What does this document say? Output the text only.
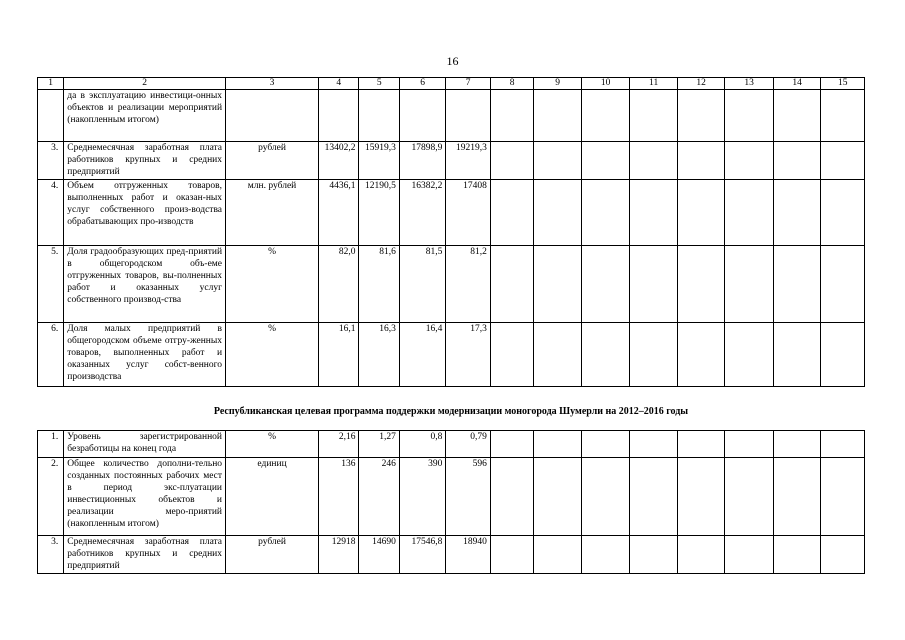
16
1	2	3	4	5	6	7	8	9	10	11	12	13	14	15
	да в эксплуатацию инвестици-онных объектов и реализации мероприятий (накопленным итогом)													
3.	Среднемесячная заработная плата работников крупных и средних предприятий	рублей	13402,2	15919,3	17898,9	19219,3								
4.	Объем отгруженных товаров, выполненных работ и оказан-ных услуг собственного произ-водства обрабатывающих про-изводств	млн. рублей	4436,1	12190,5	16382,2	17408								
5.	Доля градообразующих пред-приятий в общегородском объ-еме отгруженных товаров, вы-полненных работ и оказанных услуг собственного производ-ства	%	82,0	81,6	81,5	81,2								
6.	Доля малых предприятий в общегородском объеме отгру-женных товаров, выполненных работ и оказанных услуг собст-венного производства	%	16,1	16,3	16,4	17,3								
Республиканская целевая программа поддержки модернизации моногорода Шумерли на 2012–2016 годы
1.	Уровень зарегистрированной безработицы на конец года	%	2,16	1,27	0,8	0,79								
2.	Общее количество дополни-тельно созданных постоянных рабочих мест в период экс-плуатации инвестиционных объектов и реализации меро-приятий (накопленным итогом)	единиц	136	246	390	596								
3.	Среднемесячная заработная плата работников крупных и средних предприятий	рублей	12918	14690	17546,8	18940								
